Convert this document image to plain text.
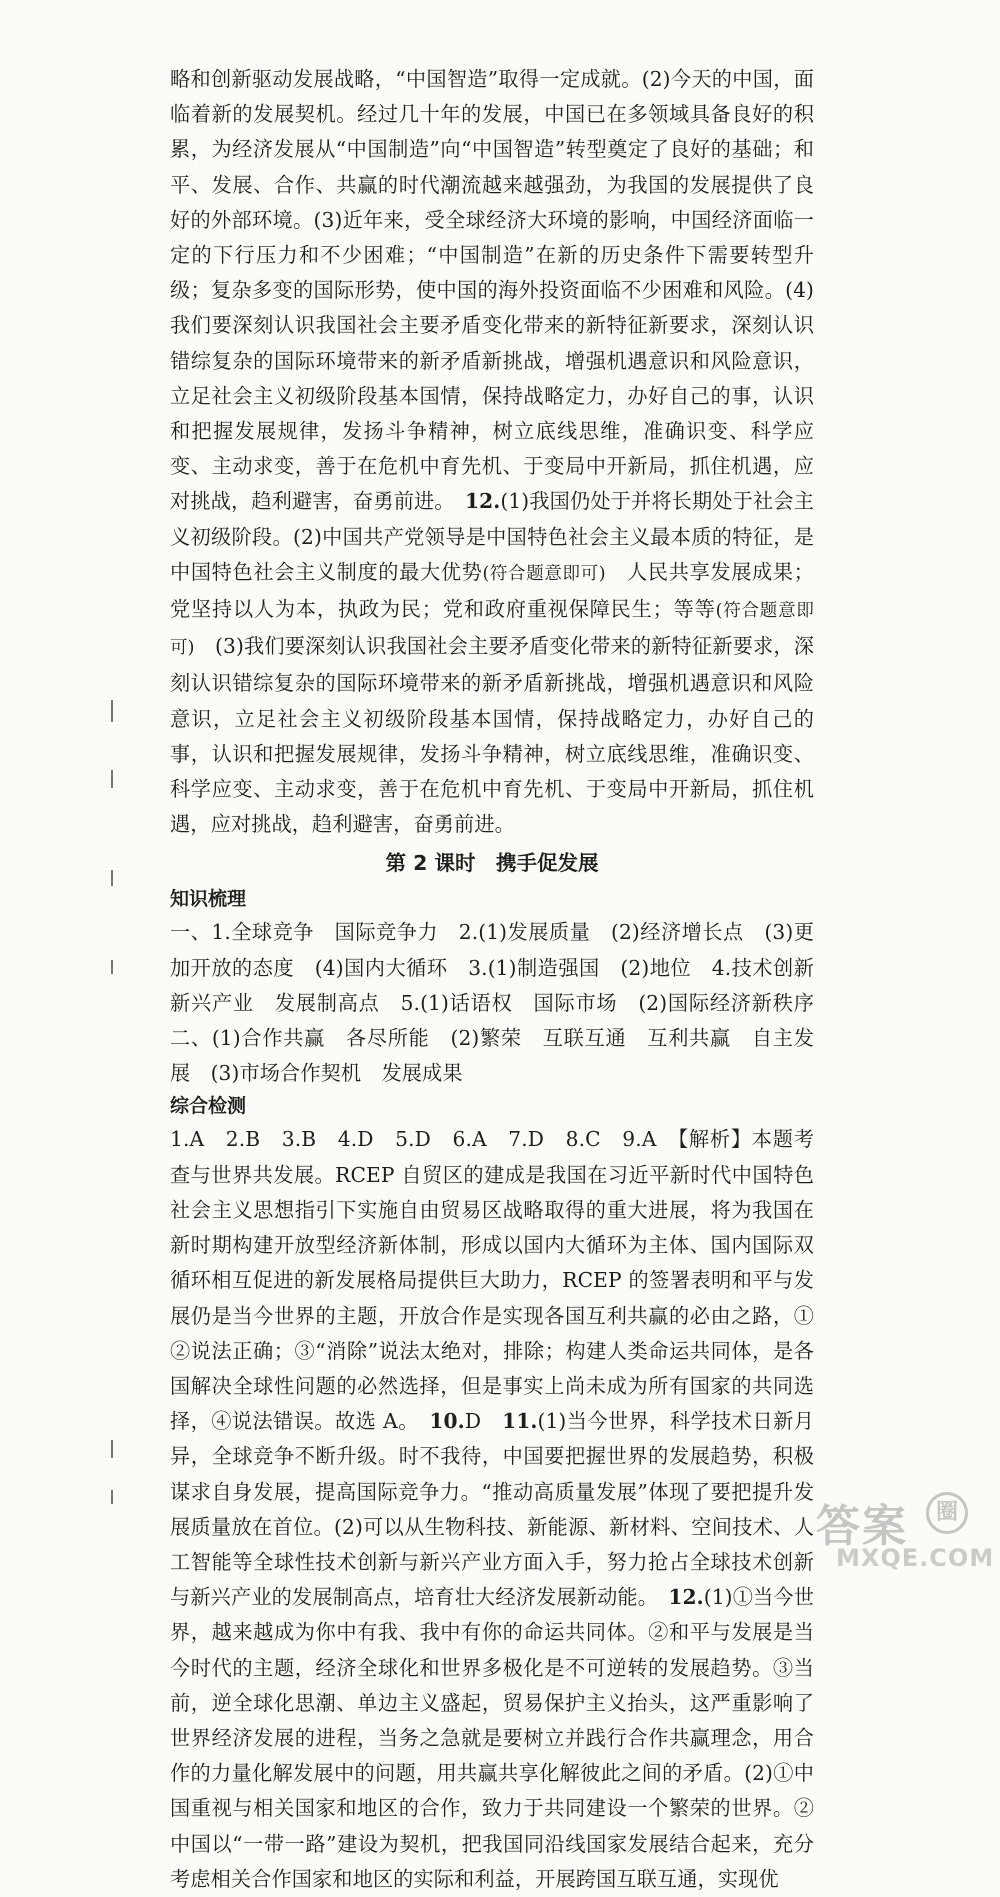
略和创新驱动发展战略，“中国智造”取得一定成就。(2)今天的中国，面临着新的发展契机。经过几十年的发展，中国已在多领域具备良好的积累，为经济发展从“中国制造”向“中国智造”转型奠定了良好的基础；和平、发展、合作、共赢的时代潮流越来越强劲，为我国的发展提供了良好的外部环境。(3)近年来，受全球经济大环境的影响，中国经济面临一定的下行压力和不少困难；“中国制造”在新的历史条件下需要转型升级；复杂多变的国际形势，使中国的海外投资面临不少困难和风险。(4)我们要深刻认识我国社会主要矛盾变化带来的新特征新要求，深刻认识错综复杂的国际环境带来的新矛盾新挑战，增强机遇意识和风险意识，立足社会主义初级阶段基本国情，保持战略定力，办好自己的事，认识和把握发展规律，发扬斗争精神，树立底线思维，准确识变、科学应变、主动求变，善于在危机中育先机、于变局中开新局，抓住机遇，应对挑战，趋利避害，奋勇前进。　 12.(1)我国仍处于并将长期处于社会主义初级阶段。(2)中国共产党领导是中国特色社会主义最本质的特征，是中国特色社会主义制度的最大优势(符合题意即可)　人民共享发展成果；党坚持以人为本，执政为民；党和政府重视保障民生；等等(符合题意即可)　(3)我们要深刻认识我国社会主要矛盾变化带来的新特征新要求，深刻认识错综复杂的国际环境带来的新矛盾新挑战，增强机遇意识和风险意识，立足社会主义初级阶段基本国情，保持战略定力，办好自己的事，认识和把握发展规律，发扬斗争精神，树立底线思维，准确识变、科学应变、主动求变，善于在危机中育先机、于变局中开新局，抓住机遇，应对挑战，趋利避害，奋勇前进。

第 2 课时　携手促发展
知识梳理

一、1.全球竞争　国际竞争力　2.(1)发展质量　(2)经济增长点　(3)更加开放的态度　(4)国内大循环　3.(1)制造强国　(2)地位　4.技术创新　新兴产业　发展制高点　5.(1)话语权　国际市场　(2)国际经济新秩序　二、(1)合作共赢　各尽所能　(2)繁荣　互联互通　互利共赢　自主发展　(3)市场合作契机　发展成果

综合检测

1.A　2.B　3.B　4.D　5.D　6.A　7.D　8.C　9.A　 【解析】本题考查与世界共发展。RCEP 自贸区的建成是我国在习近平新时代中国特色社会主义思想指引下实施自由贸易区战略取得的重大进展，将为我国在新时期构建开放型经济新体制，形成以国内大循环为主体、国内国际双循环相互促进的新发展格局提供巨大助力，RCEP 的签署表明和平与发展仍是当今世界的主题，开放合作是实现各国互利共赢的必由之路，①②说法正确；③“消除”说法太绝对，排除；构建人类命运共同体，是各国解决全球性问题的必然选择，但是事实上尚未成为所有国家的共同选择，④说法错误。故选 A。　 10.D　 11.(1)当今世界，科学技术日新月异，全球竞争不断升级。时不我待，中国要把握世界的发展趋势，积极谋求自身发展，提高国际竞争力。“推动高质量发展”体现了要把提升发展质量放在首位。(2)可以从生物科技、新能源、新材料、空间技术、人工智能等全球性技术创新与新兴产业方面入手，努力抢占全球技术创新与新兴产业的发展制高点，培育壮大经济发展新动能。　 12.(1)①当今世界，越来越成为你中有我、我中有你的命运共同体。②和平与发展是当今时代的主题，经济全球化和世界多极化是不可逆转的发展趋势。③当前，逆全球化思潮、单边主义盛起，贸易保护主义抬头，这严重影响了世界经济发展的进程，当务之急就是要树立并践行合作共赢理念，用合作的力量化解发展中的问题，用共赢共享化解彼此之间的矛盾。(2)①中国重视与相关国家和地区的合作，致力于共同建设一个繁荣的世界。②中国以“一带一路”建设为契机，把我国同沿线国家发展结合起来，充分考虑相关合作国家和地区的实际和利益，开展跨国互联互通，实现优

答案	圈
MXQE.COM
